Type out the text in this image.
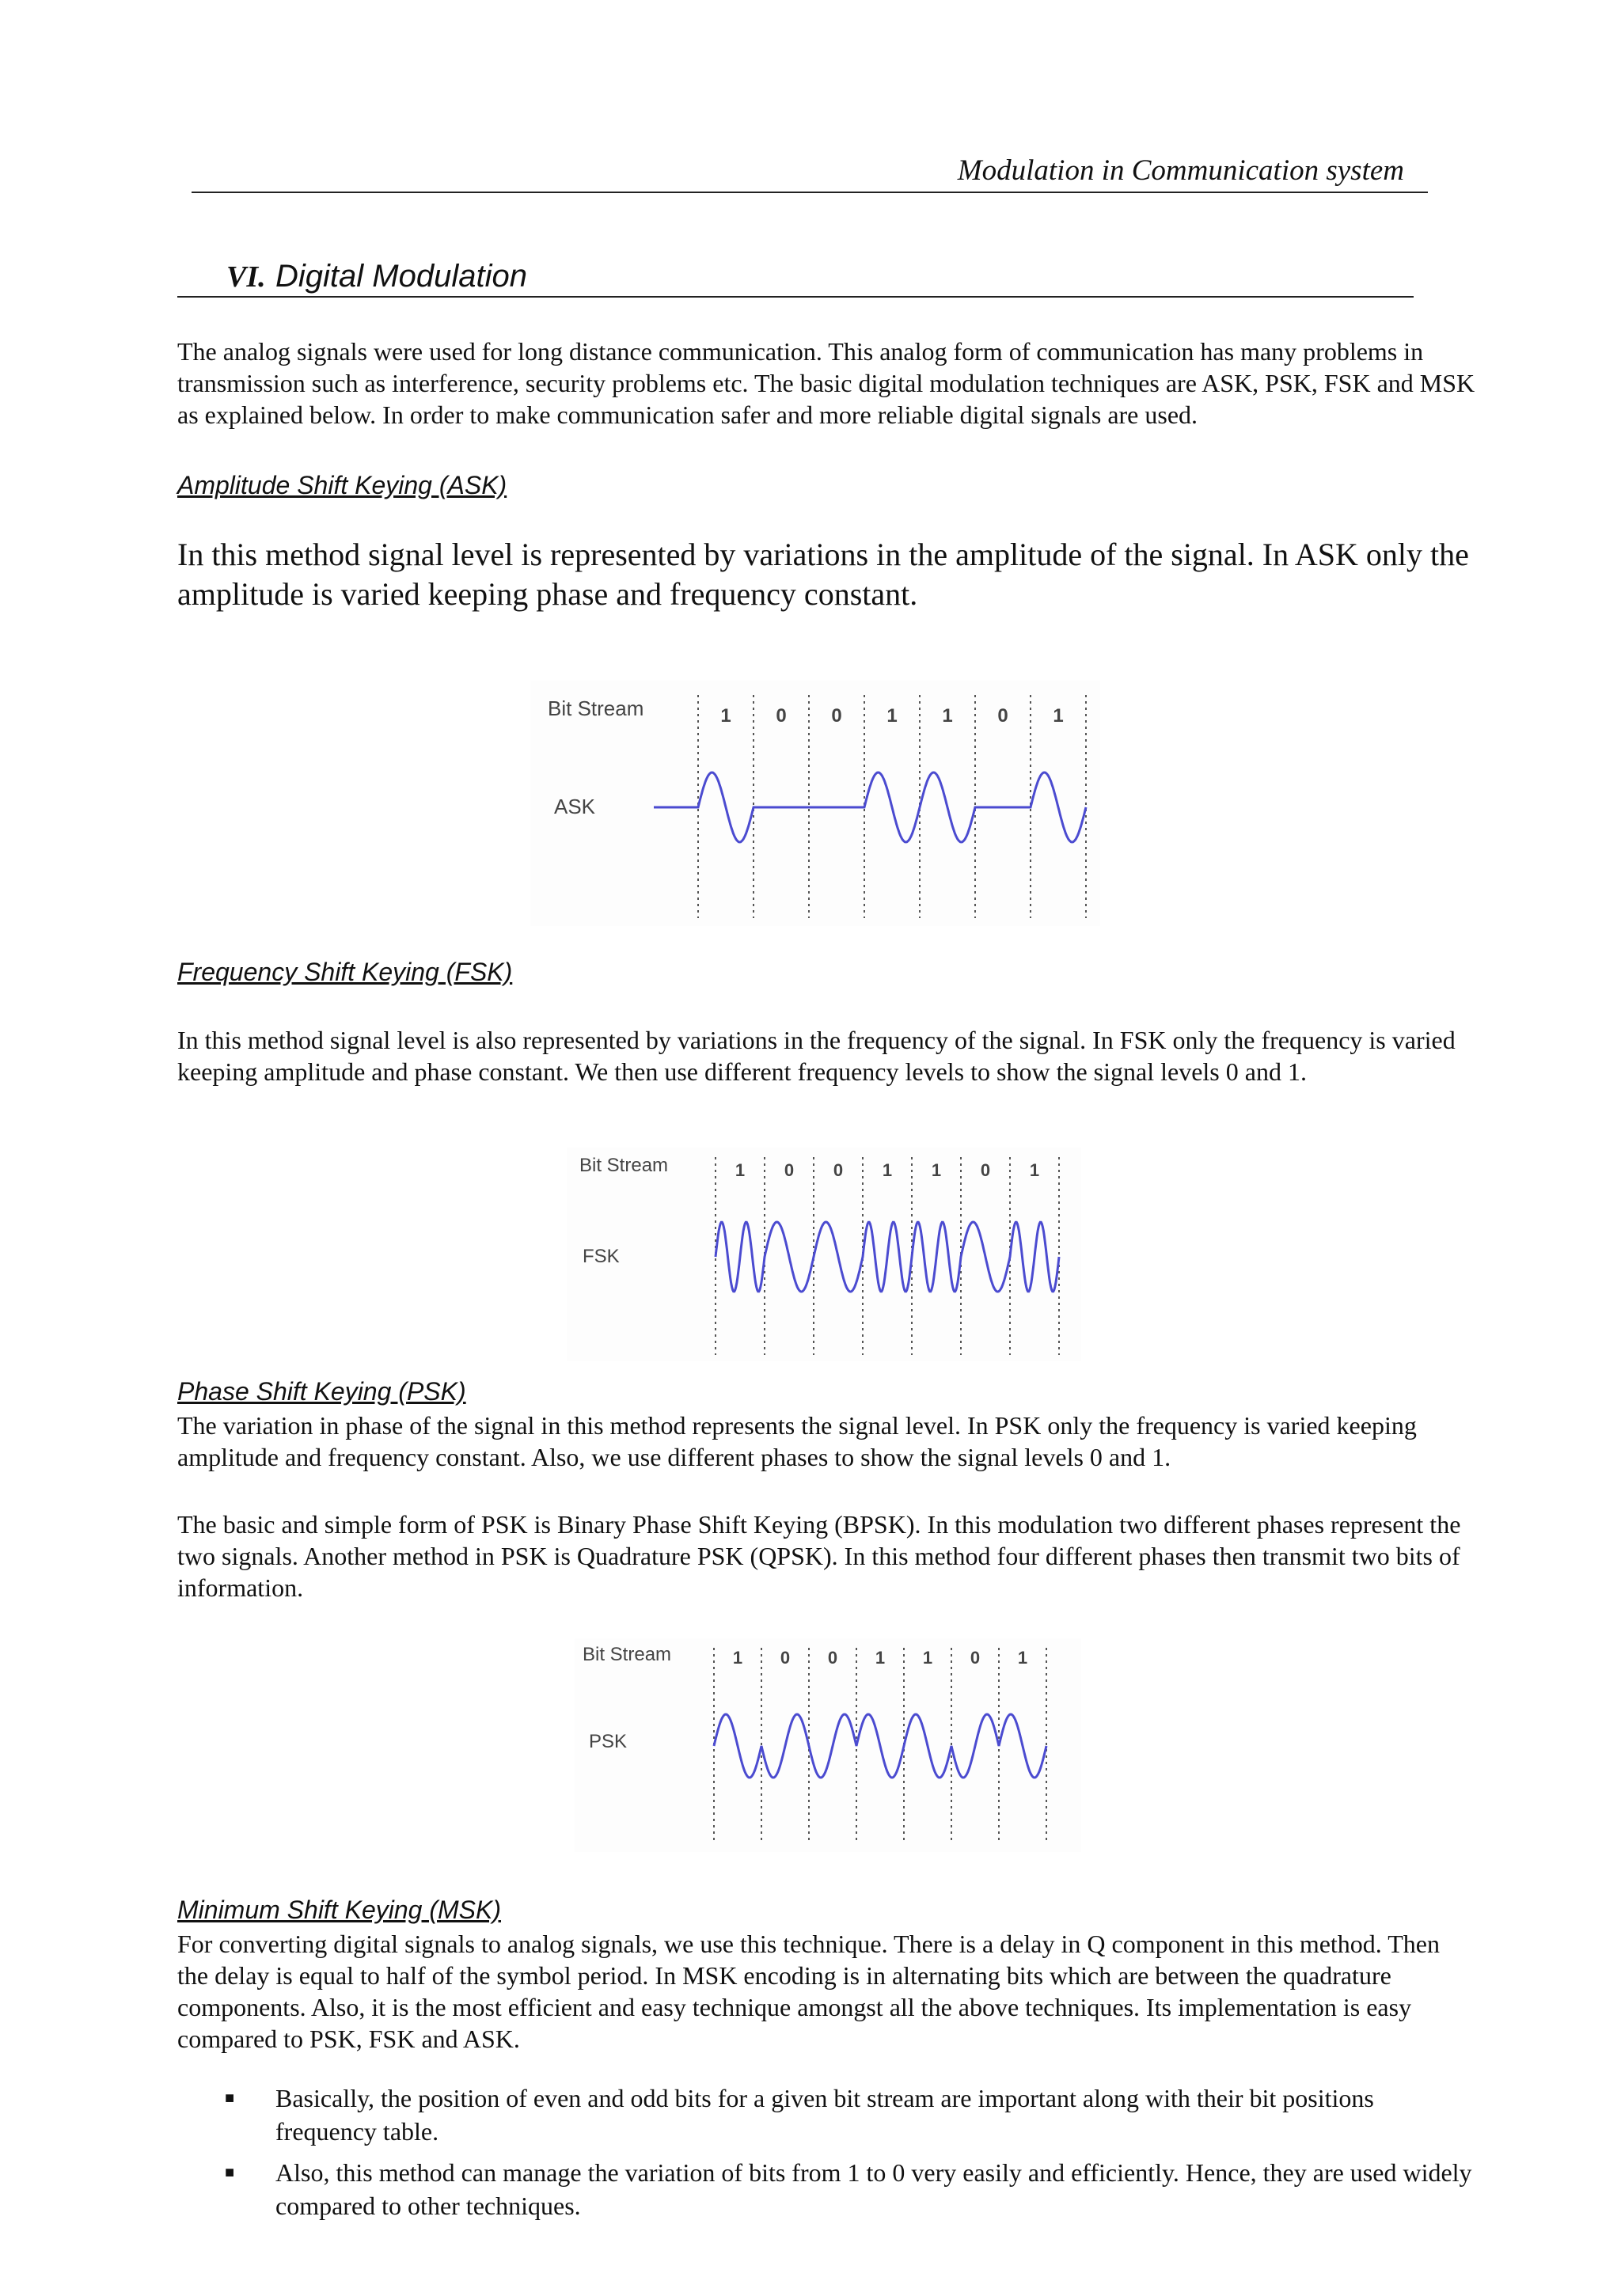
Modulation in Communication system
VI. Digital Modulation

The analog signals were used for long distance communication. This analog form of communication has many problems in transmission such as interference, security problems etc. The basic digital modulation techniques are ASK, PSK, FSK and MSK as explained below. In order to make communication safer and more reliable digital signals are used.

Amplitude Shift Keying (ASK)

In this method signal level is represented by variations in the amplitude of the signal. In ASK only the amplitude is varied keeping phase and frequency constant.

Bit Stream
ASK
1 0 0 1 1 0 1

Frequency Shift Keying (FSK)

In this method signal level is also represented by variations in the frequency of the signal. In FSK only the frequency is varied keeping amplitude and phase constant. We then use different frequency levels to show the signal levels 0 and 1.

Bit Stream
FSK
1 0 0 1 1 0 1

Phase Shift Keying (PSK)

The variation in phase of the signal in this method represents the signal level. In PSK only the frequency is varied keeping amplitude and frequency constant. Also, we use different phases to show the signal levels 0 and 1.

The basic and simple form of PSK is Binary Phase Shift Keying (BPSK). In this modulation two different phases represent the two signals. Another method in PSK is Quadrature PSK (QPSK). In this method four different phases then transmit two bits of information.

Bit Stream
PSK
1 0 0 1 1 0 1

Minimum Shift Keying (MSK)

For converting digital signals to analog signals, we use this technique. There is a delay in Q component in this method. Then the delay is equal to half of the symbol period. In MSK encoding is in alternating bits which are between the quadrature components. Also, it is the most efficient and easy technique amongst all the above techniques. Its implementation is easy compared to PSK, FSK and ASK.

■ Basically, the position of even and odd bits for a given bit stream are important along with their bit positions frequency table.
■ Also, this method can manage the variation of bits from 1 to 0 very easily and efficiently. Hence, they are used widely compared to other techniques.
